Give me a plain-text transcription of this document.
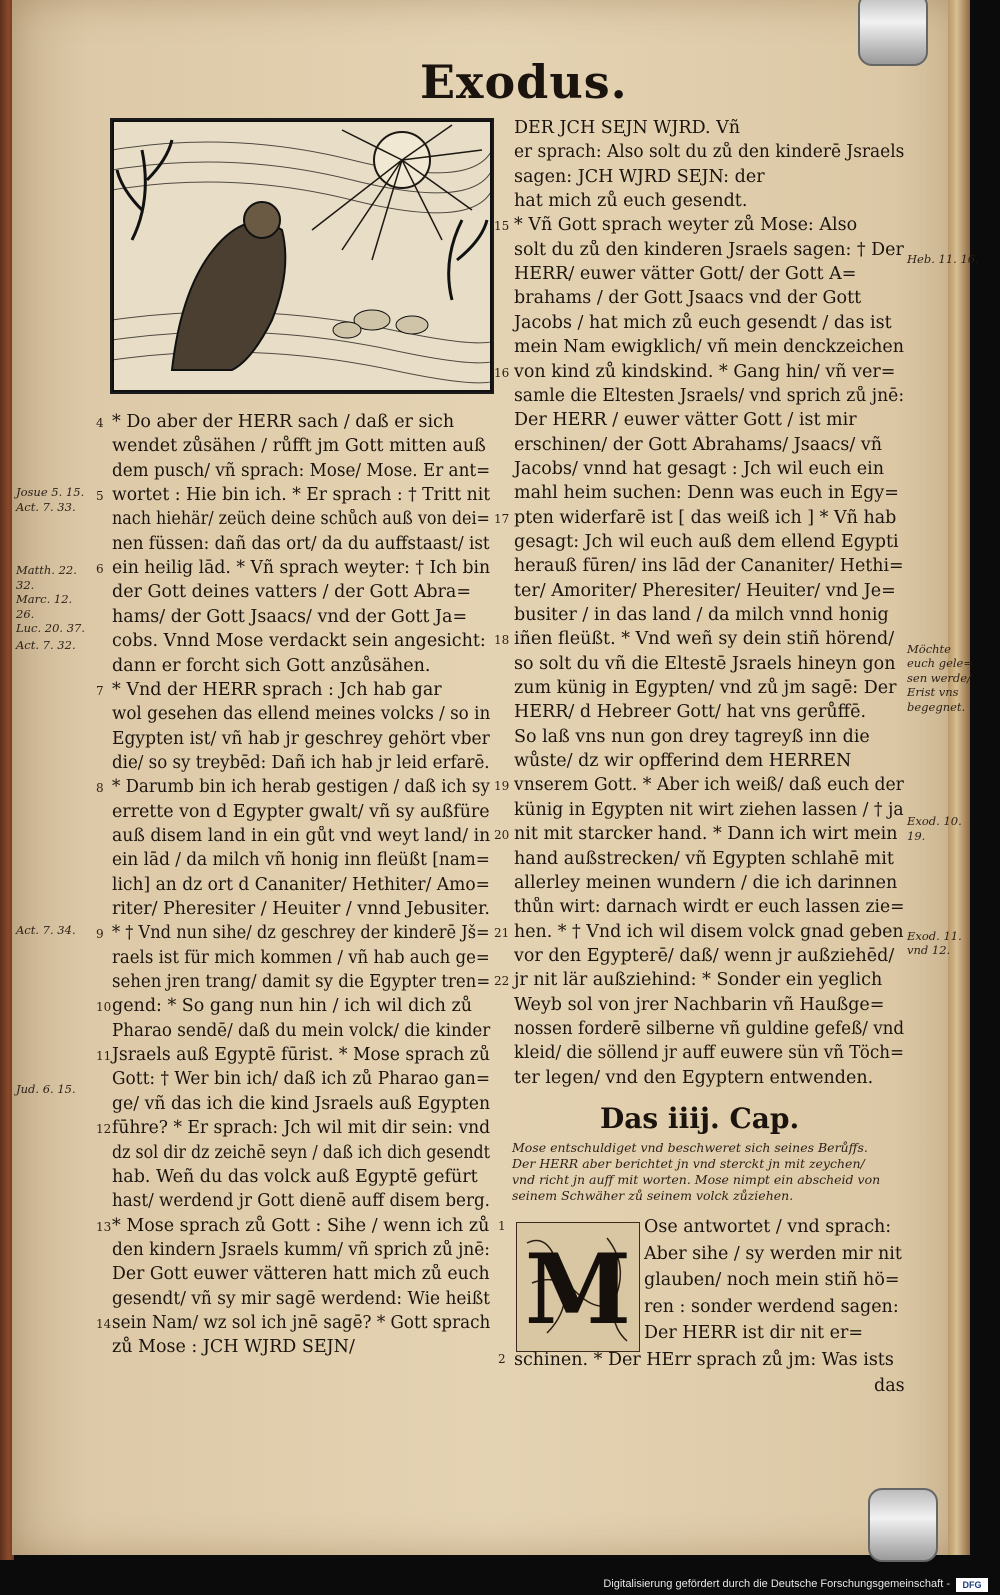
Exodus.
* Do aber der HERR sach / daß er sich
4
wendet zůsähen / růfft jm Gott mitten auß
dem pusch/ vñ sprach: Mose/ Mose. Er ant=
wortet : Hie bin ich. * Er sprach : † Tritt nit
5
nach hiehär/ zeüch deine schůch auß von dei=
nen füssen: dañ das ort/ da du auffstaast/ ist
ein heilig lād. * Vñ sprach weyter: † Ich bin
6
der Gott deines vatters / der Gott Abra=
hams/ der Gott Jsaacs/ vnd der Gott Ja=
cobs. Vnnd Mose verdackt sein angesicht:
dann er forcht sich Gott anzůsähen.
* Vnd der HERR sprach : Jch hab gar
7
wol gesehen das ellend meines volcks / so in
Egypten ist/ vñ hab jr geschrey gehört vber
die/ so sy treybēd: Dañ ich hab jr leid erfarē.
* Darumb bin ich herab gestigen / daß ich sy
8
errette von d Egypter gwalt/ vñ sy außfüre
auß disem land in ein gůt vnd weyt land/ in
ein lād / da milch vñ honig inn fleüßt [nam=
lich] an dz ort d Cananiter/ Hethiter/ Amo=
riter/ Pheresiter / Heuiter / vnnd Jebusiter.
* † Vnd nun sihe/ dz geschrey der kinderē Jš=
9
raels ist für mich kommen / vñ hab auch ge=
sehen jren trang/ damit sy die Egypter tren=
gend: * So gang nun hin / ich wil dich zů
10
Pharao sendē/ daß du mein volck/ die kinder
Jsraels auß Egyptē fūrist. * Mose sprach zů
11
Gott: † Wer bin ich/ daß ich zů Pharao gan=
ge/ vñ das ich die kind Jsraels auß Egypten
fūhre? * Er sprach: Jch wil mit dir sein: vnd
12
dz sol dir dz zeichē seyn / daß ich dich gesendt
hab. Weñ du das volck auß Egyptē gefürt
hast/ werdend jr Gott dienē auff disem berg.
* Mose sprach zů Gott : Sihe / wenn ich zů
13
den kindern Jsraels kumm/ vñ sprich zů jnē:
Der Gott euwer vätteren hatt mich zů euch
gesendt/ vñ sy mir sagē werdend: Wie heißt
sein Nam/ wz sol ich jnē sagē? * Gott sprach
14
zů Mose : JCH WJRD SEJN/
DER JCH SEJN WJRD. Vñ
er sprach: Also solt du zů den kinderē Jsraels
sagen: JCH WJRD SEJN: der
hat mich zů euch gesendt.
* Vñ Gott sprach weyter zů Mose: Also
15
solt du zů den kinderen Jsraels sagen: † Der
HERR/ euwer vätter Gott/ der Gott A=
brahams / der Gott Jsaacs vnd der Gott
Jacobs / hat mich zů euch gesendt / das ist
mein Nam ewigklich/ vñ mein denckzeichen
von kind zů kindskind. * Gang hin/ vñ ver=
16
samle die Eltesten Jsraels/ vnd sprich zů jnē:
Der HERR / euwer vätter Gott / ist mir
erschinen/ der Gott Abrahams/ Jsaacs/ vñ
Jacobs/ vnnd hat gesagt : Jch wil euch ein
mahl heim suchen: Denn was euch in Egy=
pten widerfarē ist [ das weiß ich ] * Vñ hab
17
gesagt: Jch wil euch auß dem ellend Egypti
herauß fūren/ ins lād der Cananiter/ Hethi=
ter/ Amoriter/ Pheresiter/ Heuiter/ vnd Je=
busiter / in das land / da milch vnnd honig
iñen fleüßt. * Vnd weñ sy dein stiñ hörend/
18
so solt du vñ die Eltestē Jsraels hineyn gon
zum künig in Egypten/ vnd zů jm sagē: Der
HERR/ d Hebreer Gott/ hat vns gerůffē.
So laß vns nun gon drey tagreyß inn die
wůste/ dz wir opfferind dem HERREN
vnserem Gott. * Aber ich weiß/ daß euch der
19
künig in Egypten nit wirt ziehen lassen / † ja
nit mit starcker hand. * Dann ich wirt mein
20
hand außstrecken/ vñ Egypten schlahē mit
allerley meinen wundern / die ich darinnen
thůn wirt: darnach wirdt er euch lassen zie=
hen. * † Vnd ich wil disem volck gnad geben
21
vor den Egypterē/ daß/ wenn jr außziehēd/
jr nit lär außziehind: * Sonder ein yeglich
22
Weyb sol von jrer Nachbarin vñ Haußge=
nossen forderē silberne vñ guldine gefeß/ vnd
kleid/ die söllend jr auff euwere sün vñ Töch=
ter legen/ vnd den Egyptern entwenden.
Josue 5. 15.
Act. 7. 33.
Matth. 22.
32.
Marc. 12.
26.
Luc. 20. 37.
Act. 7. 32.
Act. 7. 34.
Jud. 6. 15.
Heb. 11. 16.
Möchte
euch gele=
sen werde/
Erist vns
begegnet.
Exod. 10.
19.
Exod. 11.
vnd 12.
Das iiij. Cap.
Mose entschuldiget vnd beschweret sich seines Berůffs.
Der HERR aber berichtet jn vnd sterckt jn mit zeychen/
vnd richt jn auff mit worten. Mose nimpt ein abscheid von
seinem Schwäher zů seinem volck zůziehen.
M
Ose antwortet / vnd sprach:
1
Aber sihe / sy werden mir nit
glauben/ noch mein stiñ hö=
ren : sonder werdend sagen:
Der HERR ist dir nit er=
schinen. * Der HErr sprach zů jm: Was ists
2
das
Digitalisierung gefördert durch die Deutsche Forschungsgemeinschaft -	DFG
